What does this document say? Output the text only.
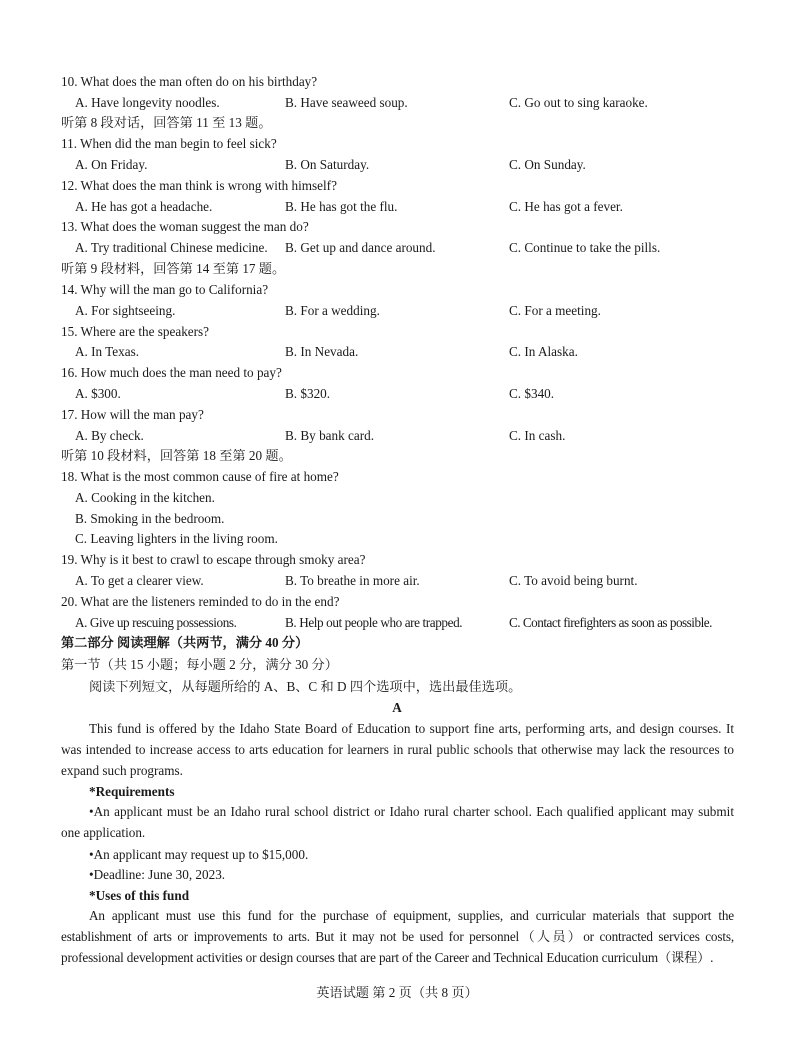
10. What does the man often do on his birthday?
A. Have longevity noodles.	B. Have seaweed soup.	C. Go out to sing karaoke.
听第 8 段对话，回答第 11 至 13 题。
11. When did the man begin to feel sick?
A. On Friday.	B. On Saturday.	C. On Sunday.
12. What does the man think is wrong with himself?
A. He has got a headache.	B. He has got the flu.	C. He has got a fever.
13. What does the woman suggest the man do?
A. Try traditional Chinese medicine. B. Get up and dance around.	C. Continue to take the pills.
听第 9 段材料，回答第 14 至第 17 题。
14. Why will the man go to California?
A. For sightseeing.	B. For a wedding.	C. For a meeting.
15. Where are the speakers?
A. In Texas.	B. In Nevada.	C. In Alaska.
16. How much does the man need to pay?
A. $300.	B. $320.	C. $340.
17. How will the man pay?
A. By check.	B. By bank card.	C. In cash.
听第 10 段材料，回答第 18 至第 20 题。
18. What is the most common cause of fire at home?
A. Cooking in the kitchen.
B. Smoking in the bedroom.
C. Leaving lighters in the living room.
19. Why is it best to crawl to escape through smoky area?
A. To get a clearer view.	B. To breathe in more air.	C. To avoid being burnt.
20. What are the listeners reminded to do in the end?
A. Give up rescuing possessions.	B. Help out people who are trapped.	C. Contact firefighters as soon as possible.
第二部分 阅读理解（共两节，满分 40 分）
第一节（共 15 小题；每小题 2 分，满分 30 分）
阅读下列短文，从每题所给的 A、B、C 和 D 四个选项中，选出最佳选项。
A
This fund is offered by the Idaho State Board of Education to support fine arts, performing arts, and design courses. It was intended to increase access to arts education for learners in rural public schools that otherwise may lack the resources to expand such programs.
*Requirements
•An applicant must be an Idaho rural school district or Idaho rural charter school. Each qualified applicant may submit one application.
•An applicant may request up to $15,000.
•Deadline: June 30, 2023.
*Uses of this fund
An applicant must use this fund for the purchase of equipment, supplies, and curricular materials that support the establishment of arts or improvements to arts. But it may not be used for personnel（人员）or contracted services costs, professional development activities or design courses that are part of the Career and Technical Education curriculum（课程）.
英语试题 第 2 页（共 8 页）
